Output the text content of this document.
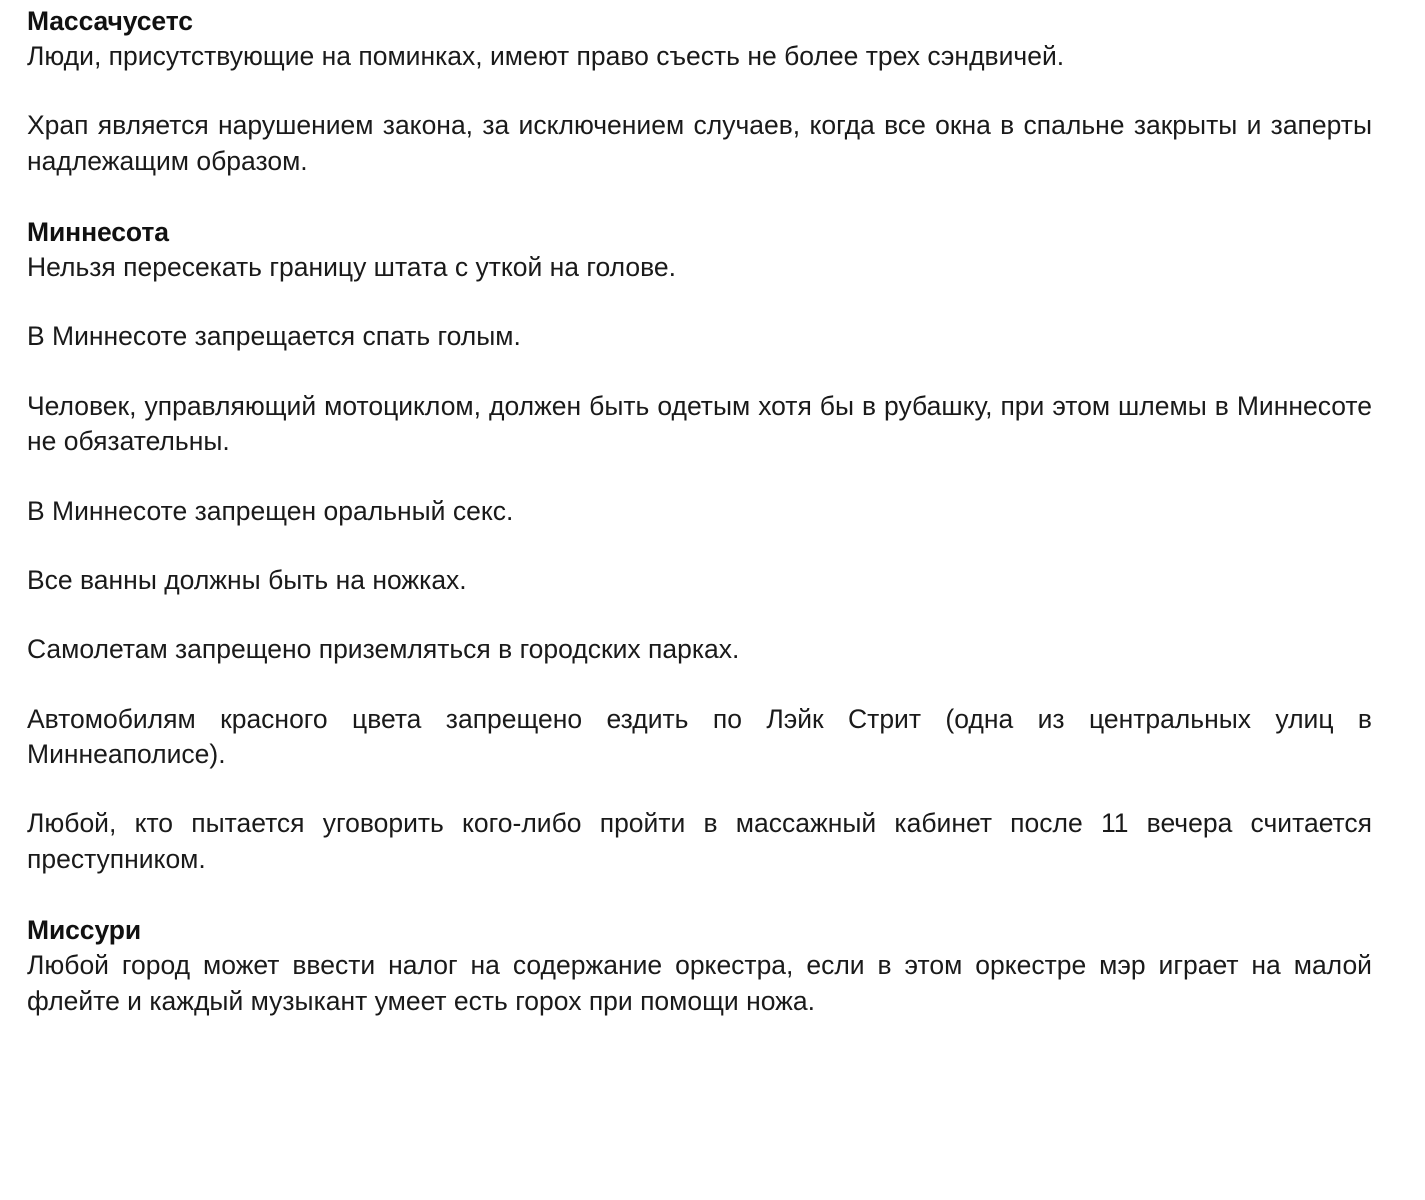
Массачусетс

Люди, присутствующие на поминках, имеют право съесть не более трех сэндвичей.

Храп является нарушением закона, за исключением случаев, когда все окна в спальне закрыты и заперты надлежащим образом.

Миннесота

Нельзя пересекать границу штата с уткой на голове.

В Миннесоте запрещается спать голым.

Человек, управляющий мотоциклом, должен быть одетым хотя бы в рубашку, при этом шлемы в Миннесоте не обязательны.

В Миннесоте запрещен оральный секс.

Все ванны должны быть на ножках.

Самолетам запрещено приземляться в городских парках.

Автомобилям красного цвета запрещено ездить по Лэйк Стрит (одна из центральных улиц в Миннеаполисе).

Любой, кто пытается уговорить кого-либо пройти в массажный кабинет после 11 вечера считается преступником.

Миссури

Любой город может ввести налог на содержание оркестра, если в этом оркестре мэр играет на малой флейте и каждый музыкант умеет есть горох при помощи ножа.
